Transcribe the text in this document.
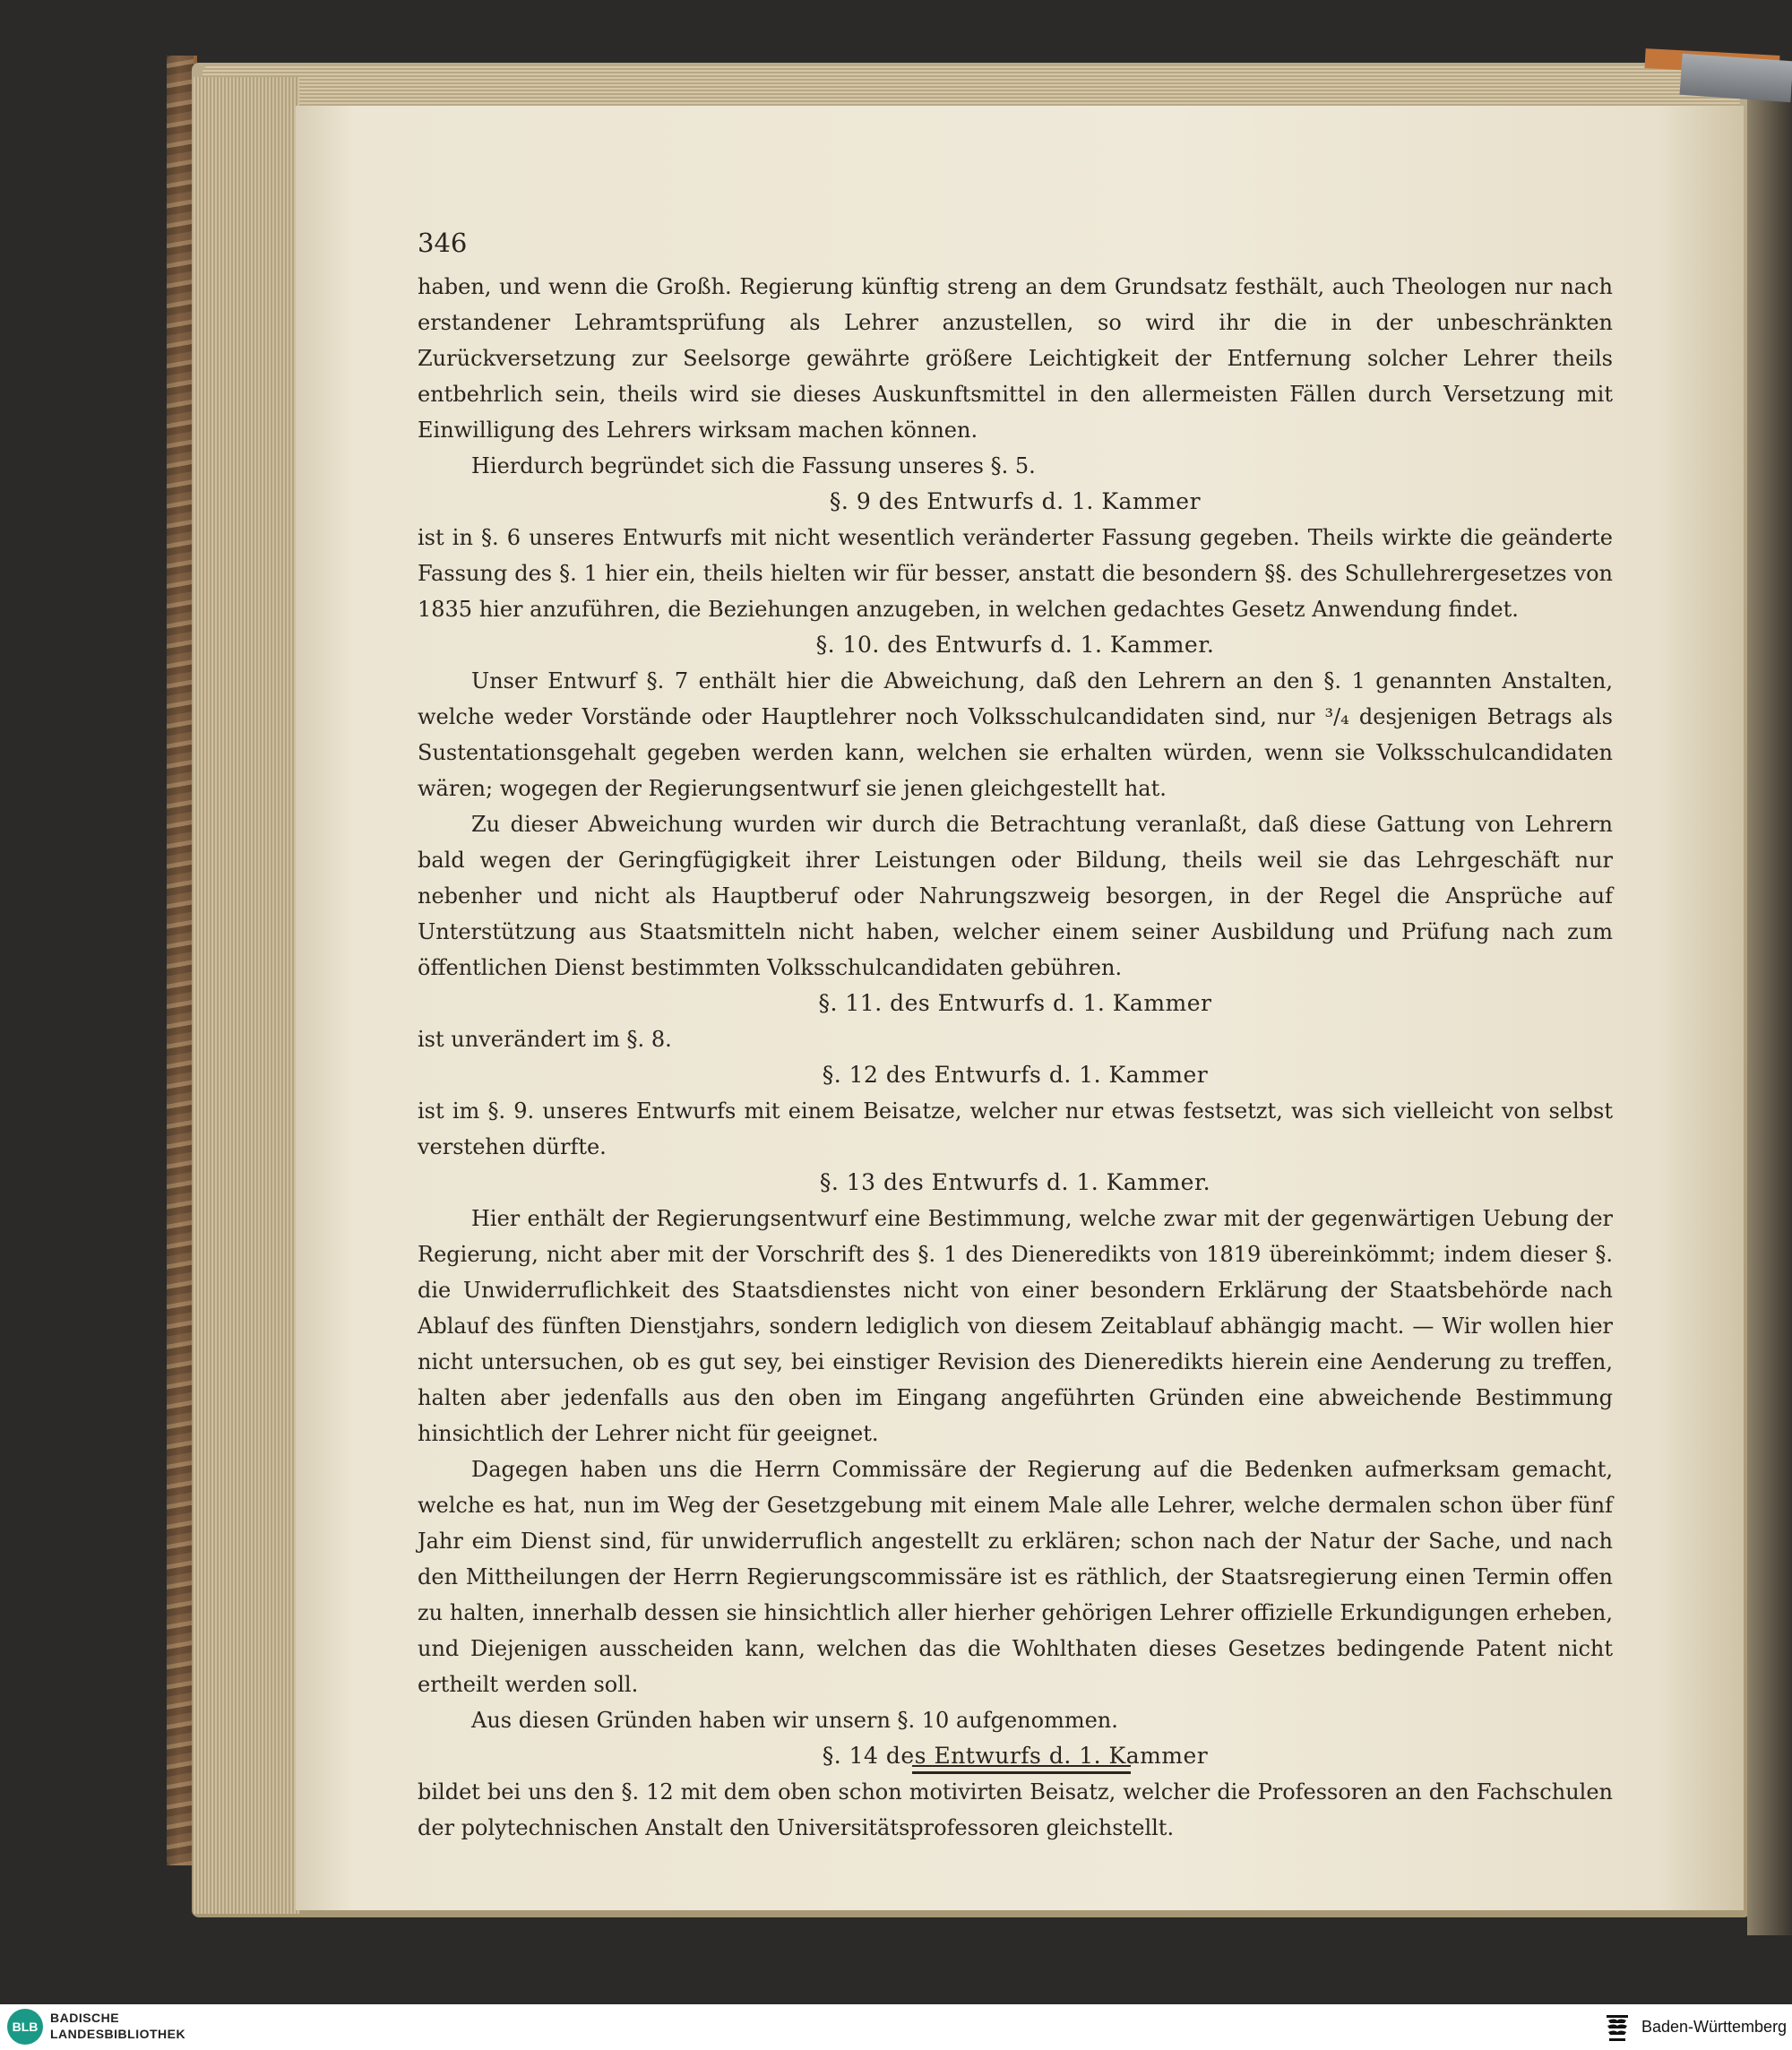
346

haben, und wenn die Großh. Regierung künftig streng an dem Grundsatz festhält, auch Theologen nur nach erstandener Lehramtsprüfung als Lehrer anzustellen, so wird ihr die in der unbeschränkten Zurückversetzung zur Seelsorge gewährte größere Leichtigkeit der Entfernung solcher Lehrer theils entbehrlich sein, theils wird sie dieses Auskunftsmittel in den allermeisten Fällen durch Versetzung mit Einwilligung des Lehrers wirksam machen können.

Hierdurch begründet sich die Fassung unseres §. 5.

§. 9 des Entwurfs d. 1. Kammer

ist in §. 6 unseres Entwurfs mit nicht wesentlich veränderter Fassung gegeben. Theils wirkte die geänderte Fassung des §. 1 hier ein, theils hielten wir für besser, anstatt die besondern §§. des Schullehrergesetzes von 1835 hier anzuführen, die Beziehungen anzugeben, in welchen gedachtes Gesetz Anwendung findet.

§. 10. des Entwurfs d. 1. Kammer.

Unser Entwurf §. 7 enthält hier die Abweichung, daß den Lehrern an den §. 1 genannten Anstalten, welche weder Vorstände oder Hauptlehrer noch Volksschulcandidaten sind, nur ³/₄ desjenigen Betrags als Sustentationsgehalt gegeben werden kann, welchen sie erhalten würden, wenn sie Volksschulcandidaten wären; wogegen der Regierungsentwurf sie jenen gleichgestellt hat.

Zu dieser Abweichung wurden wir durch die Betrachtung veranlaßt, daß diese Gattung von Lehrern bald wegen der Geringfügigkeit ihrer Leistungen oder Bildung, theils weil sie das Lehrgeschäft nur nebenher und nicht als Hauptberuf oder Nahrungszweig besorgen, in der Regel die Ansprüche auf Unterstützung aus Staatsmitteln nicht haben, welcher einem seiner Ausbildung und Prüfung nach zum öffentlichen Dienst bestimmten Volksschulcandidaten gebühren.

§. 11. des Entwurfs d. 1. Kammer

ist unverändert im §. 8.

§. 12 des Entwurfs d. 1. Kammer

ist im §. 9. unseres Entwurfs mit einem Beisatze, welcher nur etwas festsetzt, was sich vielleicht von selbst verstehen dürfte.

§. 13 des Entwurfs d. 1. Kammer.

Hier enthält der Regierungsentwurf eine Bestimmung, welche zwar mit der gegenwärtigen Uebung der Regierung, nicht aber mit der Vorschrift des §. 1 des Dieneredikts von 1819 übereinkömmt; indem dieser §. die Unwiderruflichkeit des Staatsdienstes nicht von einer besondern Erklärung der Staatsbehörde nach Ablauf des fünften Dienstjahrs, sondern lediglich von diesem Zeitablauf abhängig macht. — Wir wollen hier nicht untersuchen, ob es gut sey, bei einstiger Revision des Dieneredikts hierein eine Aenderung zu treffen, halten aber jedenfalls aus den oben im Eingang angeführten Gründen eine abweichende Bestimmung hinsichtlich der Lehrer nicht für geeignet.

Dagegen haben uns die Herrn Commissäre der Regierung auf die Bedenken aufmerksam gemacht, welche es hat, nun im Weg der Gesetzgebung mit einem Male alle Lehrer, welche dermalen schon über fünf Jahr eim Dienst sind, für unwiderruflich angestellt zu erklären; schon nach der Natur der Sache, und nach den Mittheilungen der Herrn Regierungscommissäre ist es räthlich, der Staatsregierung einen Termin offen zu halten, innerhalb dessen sie hinsichtlich aller hierher gehörigen Lehrer offizielle Erkundigungen erheben, und Diejenigen ausscheiden kann, welchen das die Wohlthaten dieses Gesetzes bedingende Patent nicht ertheilt werden soll.

Aus diesen Gründen haben wir unsern §. 10 aufgenommen.

§. 14 des Entwurfs d. 1. Kammer

bildet bei uns den §. 12 mit dem oben schon motivirten Beisatz, welcher die Professoren an den Fachschulen der polytechnischen Anstalt den Universitätsprofessoren gleichstellt.

BLB
BADISCHE
LANDESBIBLIOTHEK	Baden-Württemberg
